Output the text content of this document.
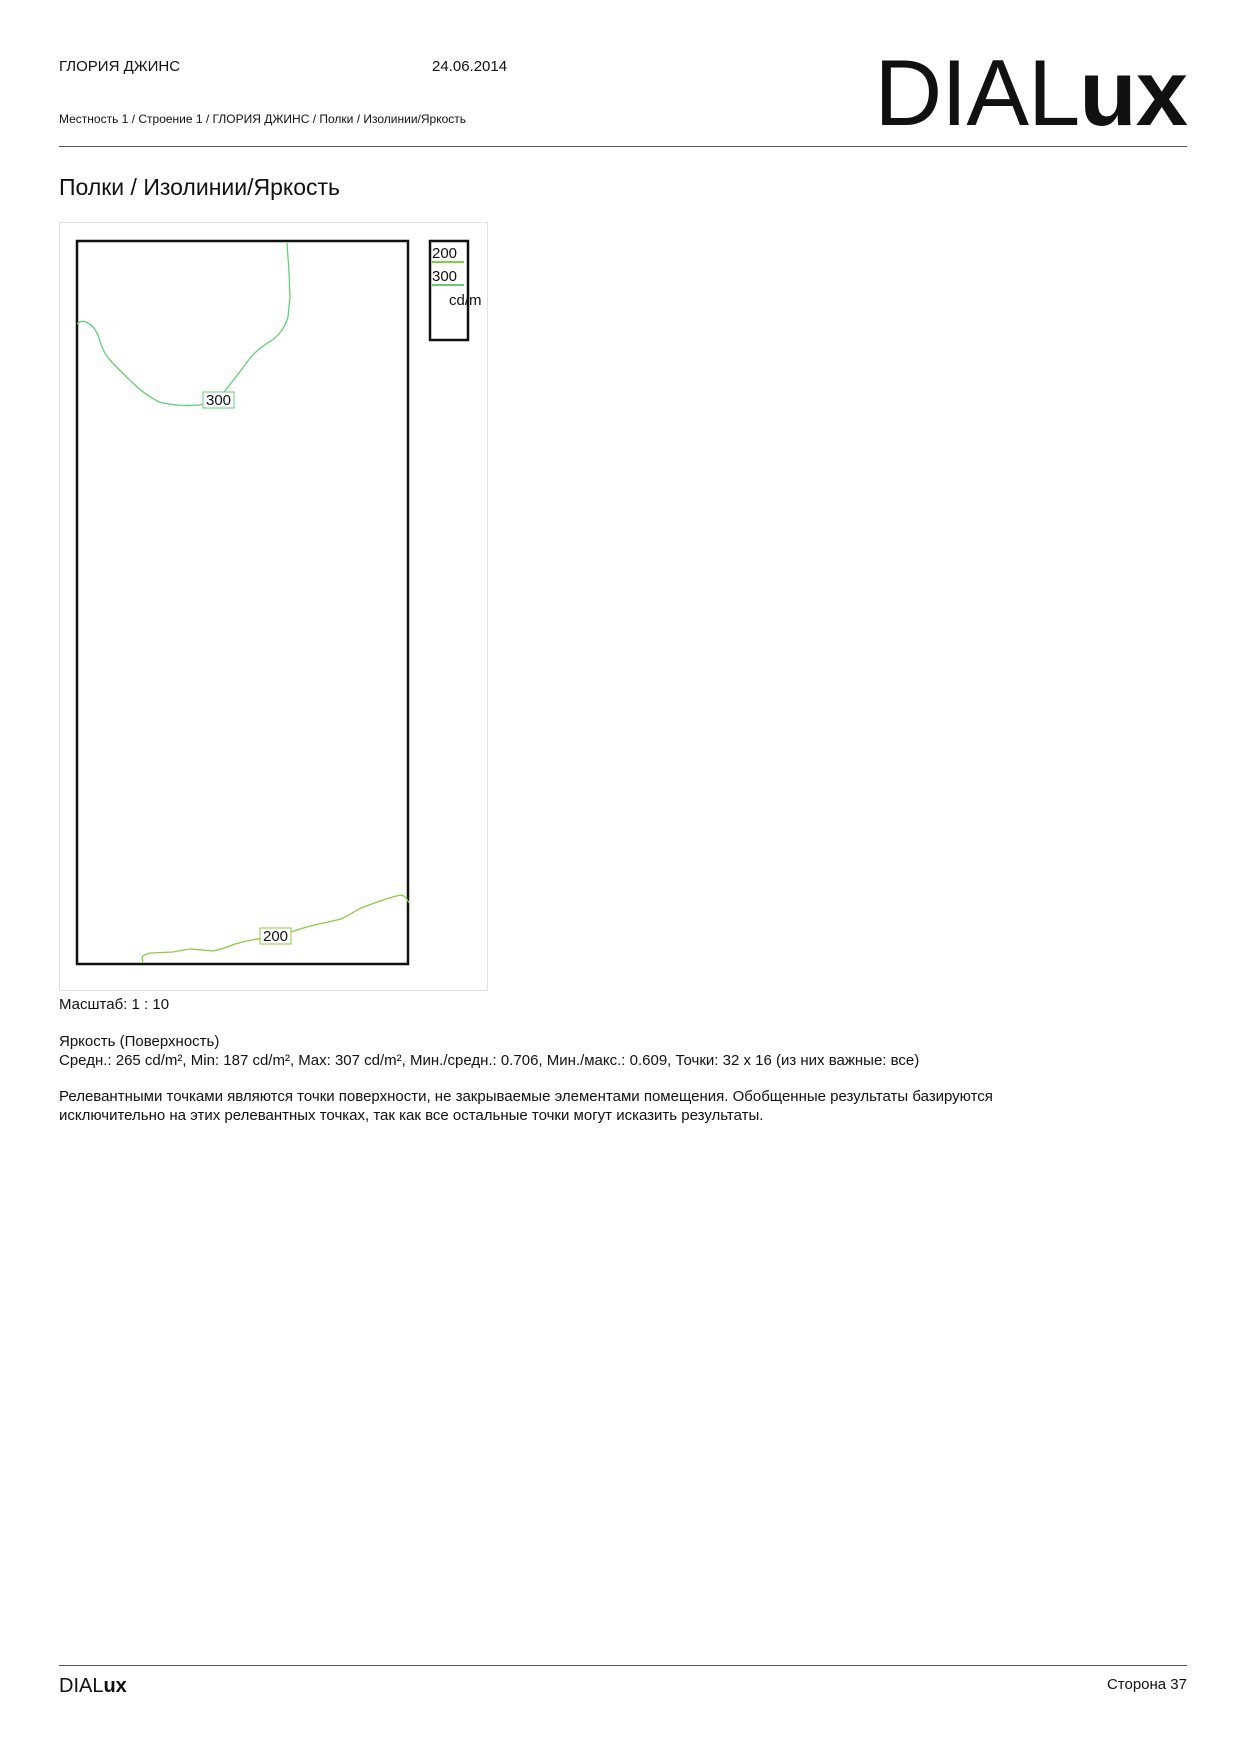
ГЛОРИЯ ДЖИНС	24.06.2014
Местность 1 / Строение 1 / ГЛОРИЯ ДЖИНС / Полки / Изолинии/Яркость	DIALux
Полки / Изолинии/Яркость
300
200
200
300
cd/m
Масштаб: 1 : 10
Яркость (Поверхность)
Средн.: 265 cd/m², Min: 187 cd/m², Max: 307 cd/m², Мин./средн.: 0.706, Мин./макс.: 0.609, Точки: 32 x 16 (из них важные: все)
Релевантными точками являются точки поверхности, не закрываемые элементами помещения. Обобщенные результаты базируются
исключительно на этих релевантных точках, так как все остальные точки могут исказить результаты.
DIALux	Сторона 37
